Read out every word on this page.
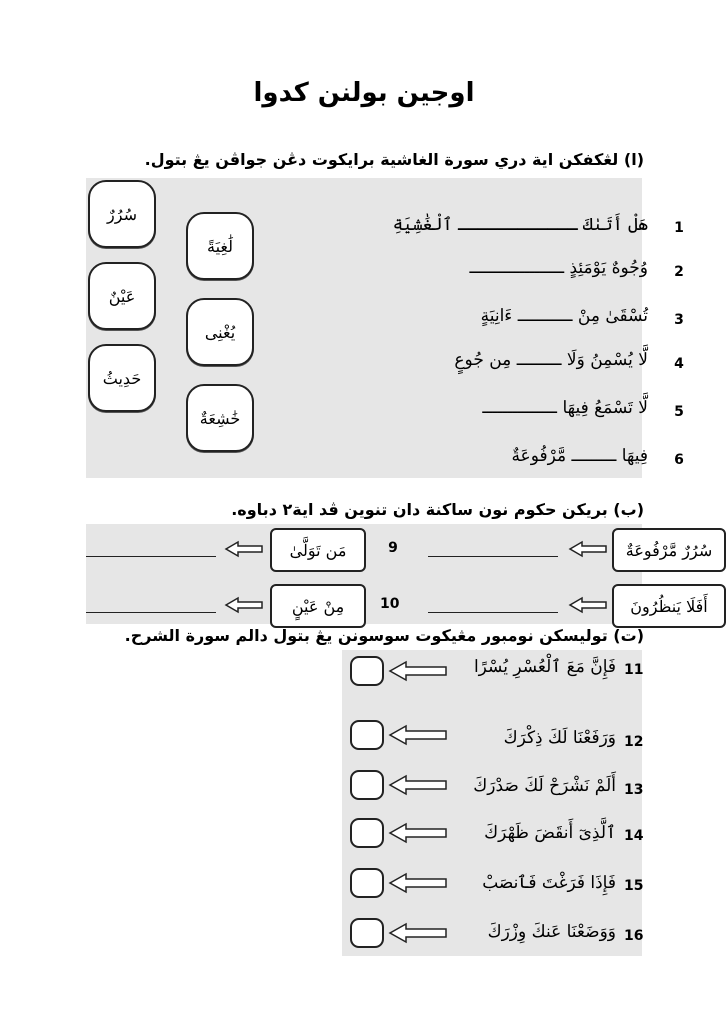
اوجين بولنن كدوا
(ا) لڠكفكن اية دري سورة الغاشية برايكوت دڠن جواڤن يڠ بتول.
سُرُرٌ
عَيْنٌ
حَدِيثُ
لَٰغِيَةً
يُغْنِى
خَٰشِعَةٌ
1
هَلْ أَتَىٰكَ ــــــــــــ ٱلْغَٰشِيَةِ
2
وُجُوهٌ يَوْمَئِذٍ ـــــــــــــــــــ
3
تُسْقَىٰ مِنْ ـــــــــــ ءَانِيَةٍ
4
لَّا يُسْمِنُ وَلَا ـــــــــ مِن جُوعٍ
5
لَّا تَسْمَعُ فِيهَا ـــــــــــــــ
6
فِيهَا ـــــــــ مَّرْفُوعَةٌ
(ب) بريكن حكوم نون ساكنة دان تنوين ڤد اية٢ دباوه.
سُرُرٌ مَّرْفُوعَةٌ
9
مَن تَوَلَّىٰ
أَفَلَا يَنظُرُونَ
10
مِنْ عَيْنٍ
(ت) توليسكن نومبور مڠيكوت سوسونن يڠ بتول دالم سورة الشرح.
11
فَإِنَّ مَعَ ٱلْعُسْرِ يُسْرًا
12
وَرَفَعْنَا لَكَ ذِكْرَكَ
13
أَلَمْ نَشْرَحْ لَكَ صَدْرَكَ
14
ٱلَّذِىٓ أَنقَضَ ظَهْرَكَ
15
فَإِذَا فَرَغْتَ فَٱنصَبْ
16
وَوَضَعْنَا عَنكَ وِزْرَكَ
